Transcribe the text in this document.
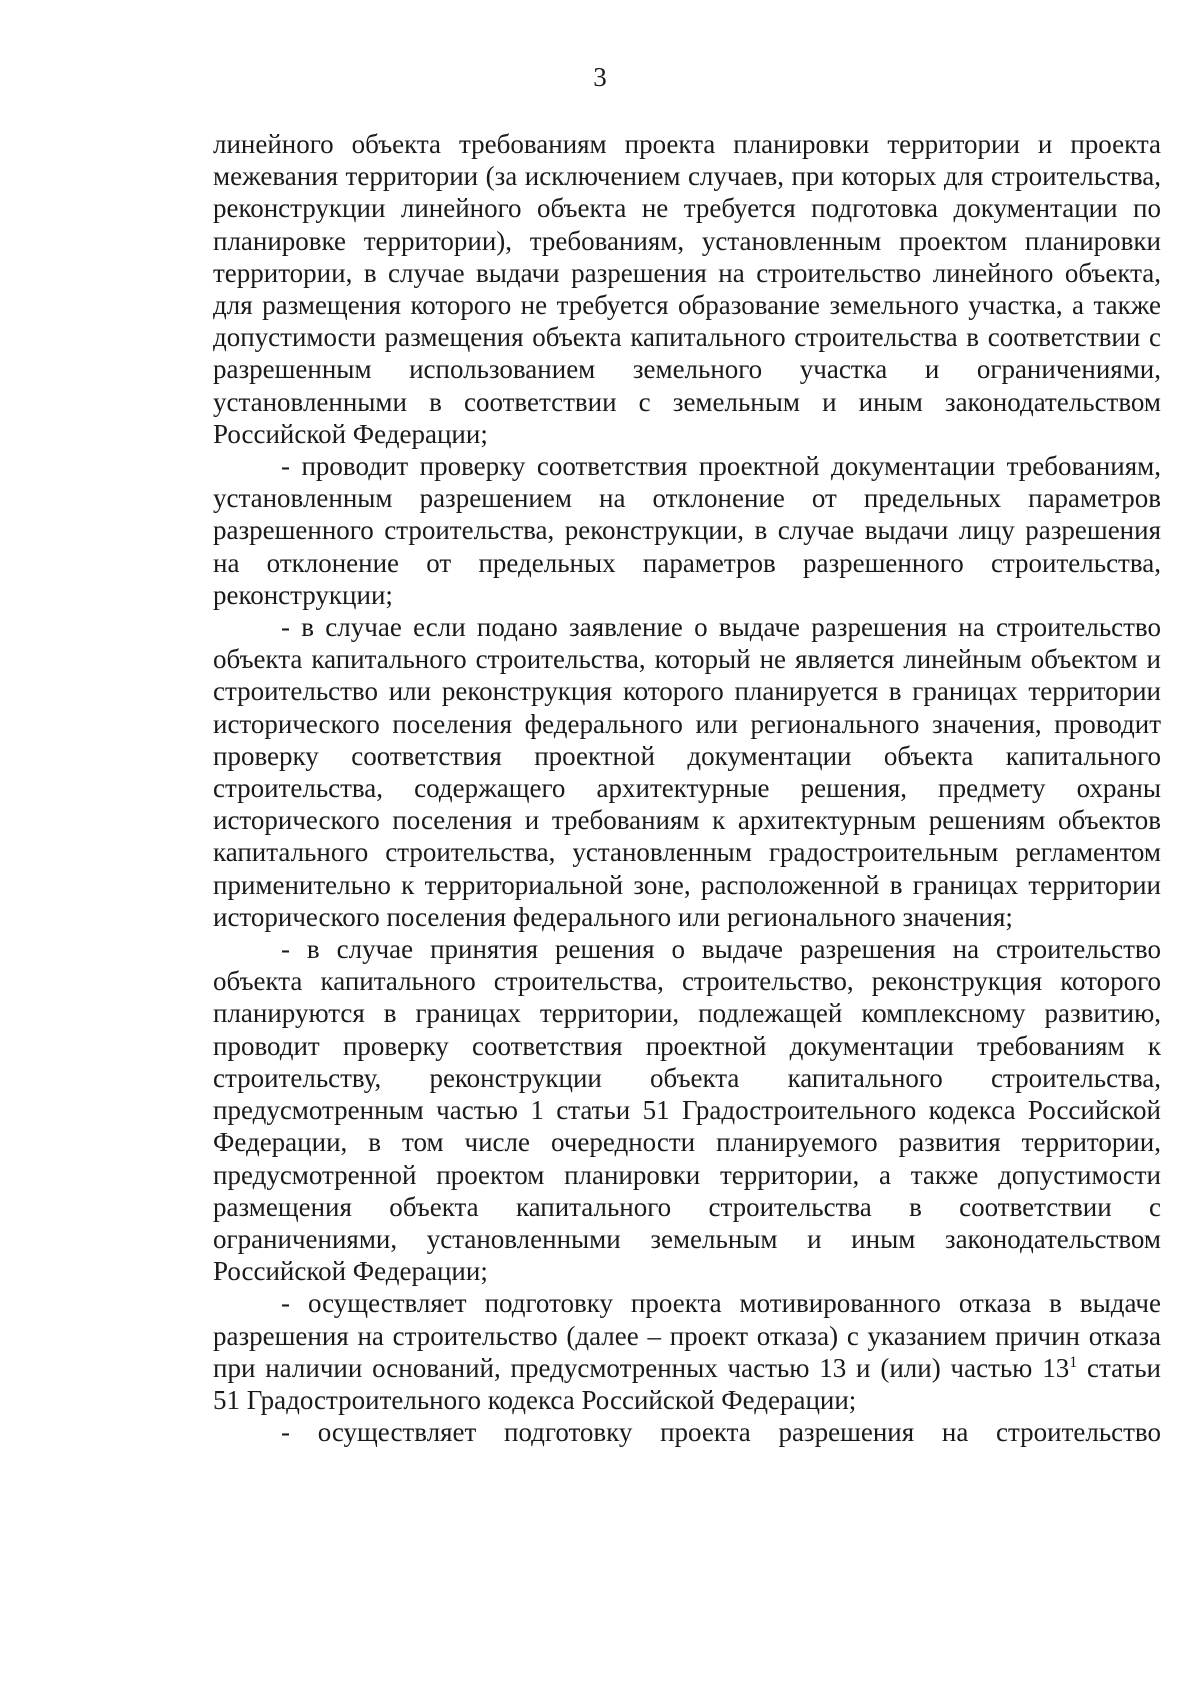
3

линейного объекта требованиям проекта планировки территории и проекта межевания территории (за исключением случаев, при которых для строительства, реконструкции линейного объекта не требуется подготовка документации по планировке территории), требованиям, установленным проектом планировки территории, в случае выдачи разрешения на строительство линейного объекта, для размещения которого не требуется образование земельного участка, а также допустимости размещения объекта капитального строительства в соответствии с разрешенным использованием земельного участка и ограничениями, установленными в соответствии с земельным и иным законодательством Российской Федерации;

- проводит проверку соответствия проектной документации требованиям, установленным разрешением на отклонение от предельных параметров разрешенного строительства, реконструкции, в случае выдачи лицу разрешения на отклонение от предельных параметров разрешенного строительства, реконструкции;

- в случае если подано заявление о выдаче разрешения на строительство объекта капитального строительства, который не является линейным объектом и строительство или реконструкция которого планируется в границах территории исторического поселения федерального или регионального значения, проводит проверку соответствия проектной документации объекта капитального строительства, содержащего архитектурные решения, предмету охраны исторического поселения и требованиям к архитектурным решениям объектов капитального строительства, установленным градостроительным регламентом применительно к территориальной зоне, расположенной в границах территории исторического поселения федерального или регионального значения;

- в случае принятия решения о выдаче разрешения на строительство объекта капитального строительства, строительство, реконструкция которого планируются в границах территории, подлежащей комплексному развитию, проводит проверку соответствия проектной документации требованиям к строительству, реконструкции объекта капитального строительства, предусмотренным частью 1 статьи 51 Градостроительного кодекса Российской Федерации, в том числе очередности планируемого развития территории, предусмотренной проектом планировки территории, а также допустимости размещения объекта капитального строительства в соответствии с ограничениями, установленными земельным и иным законодательством Российской Федерации;

- осуществляет подготовку проекта мотивированного отказа в выдаче разрешения на строительство (далее – проект отказа) с указанием причин отказа при наличии оснований, предусмотренных частью 13 и (или) частью $13^1$ статьи 51 Градостроительного кодекса Российской Федерации;

- осуществляет подготовку проекта разрешения на строительство
